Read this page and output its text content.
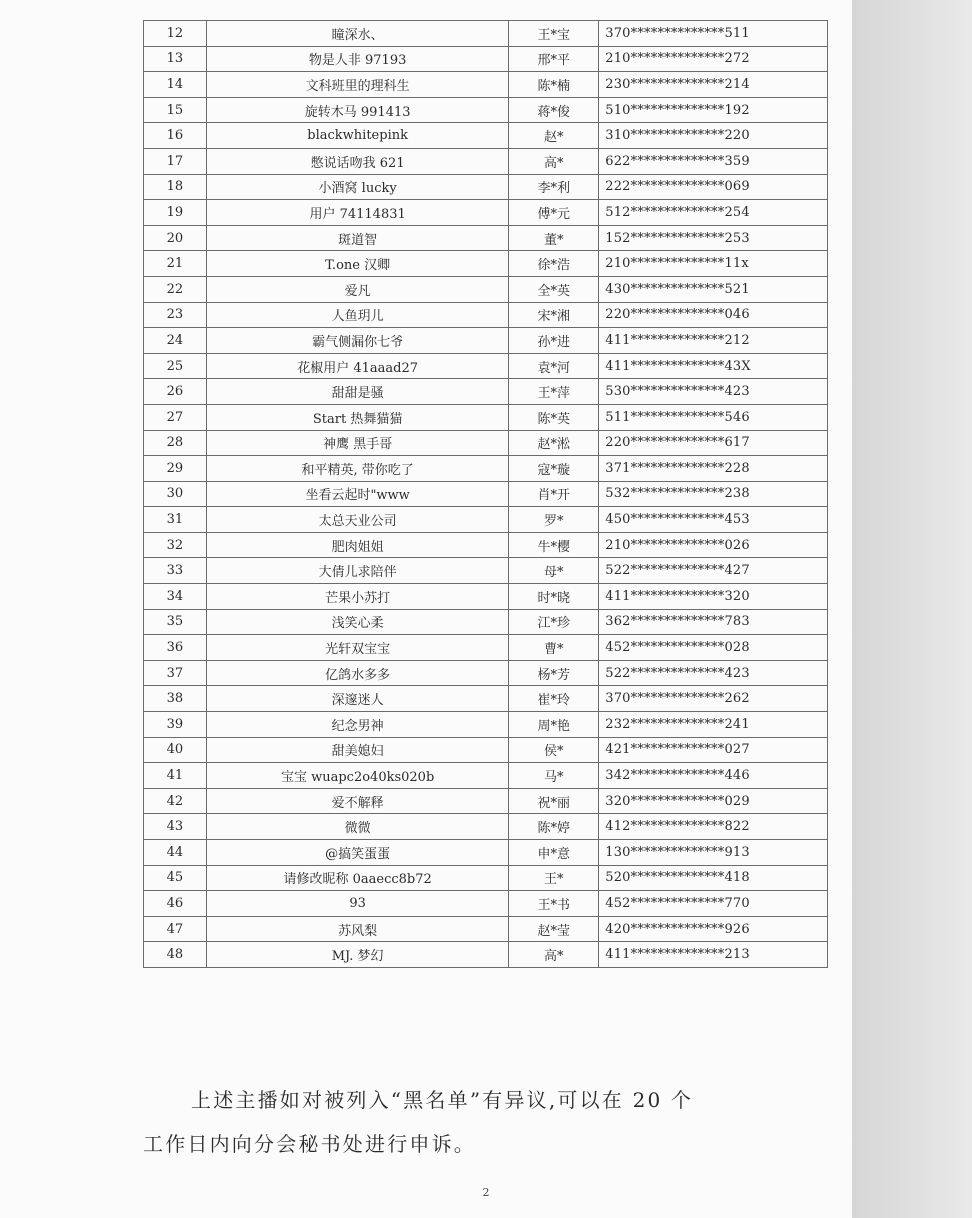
12	瞳深水、	王*宝	370**************511
13	物是人非 97193	邢*平	210**************272
14	文科班里的理科生	陈*楠	230**************214
15	旋转木马 991413	蒋*俊	510**************192
16	blackwhitepink	赵*	310**************220
17	憋说话吻我 621	高*	622**************359
18	小酒窝 lucky	李*利	222**************069
19	用户 74114831	傅*元	512**************254
20	斑道智	董*	152**************253
21	T.one 汉卿	徐*浩	210**************11x
22	爱凡	全*英	430**************521
23	人鱼玥儿	宋*湘	220**************046
24	霸气侧漏你七爷	孙*进	411**************212
25	花椒用户 41aaad27	袁*河	411**************43X
26	甜甜是骚	王*萍	530**************423
27	Start 热舞猫猫	陈*英	511**************546
28	神鹰 黑手哥	赵*淞	220**************617
29	和平精英, 带你吃了	寇*璇	371**************228
30	坐看云起时"www	肖*开	532**************238
31	太总天业公司	罗*	450**************453
32	肥肉姐姐	牛*樱	210**************026
33	大倩儿求陪伴	母*	522**************427
34	芒果小苏打	时*晓	411**************320
35	浅笑心柔	江*珍	362**************783
36	光轩双宝宝	曹*	452**************028
37	亿鸽水多多	杨*芳	522**************423
38	深邃迷人	崔*玲	370**************262
39	纪念男神	周*艳	232**************241
40	甜美媳妇	侯*	421**************027
41	宝宝 wuapc2o40ks020b	马*	342**************446
42	爱不解释	祝*丽	320**************029
43	微微	陈*婷	412**************822
44	@搞笑蛋蛋	申*意	130**************913
45	请修改昵称 0aaecc8b72	王*	520**************418
46	93	王*书	452**************770
47	苏风梨	赵*莹	420**************926
48	MJ. 梦幻	高*	411**************213
上述主播如对被列入“黑名单”有异议,可以在 20 个
工作日内向分会秘书处进行申诉。
2
